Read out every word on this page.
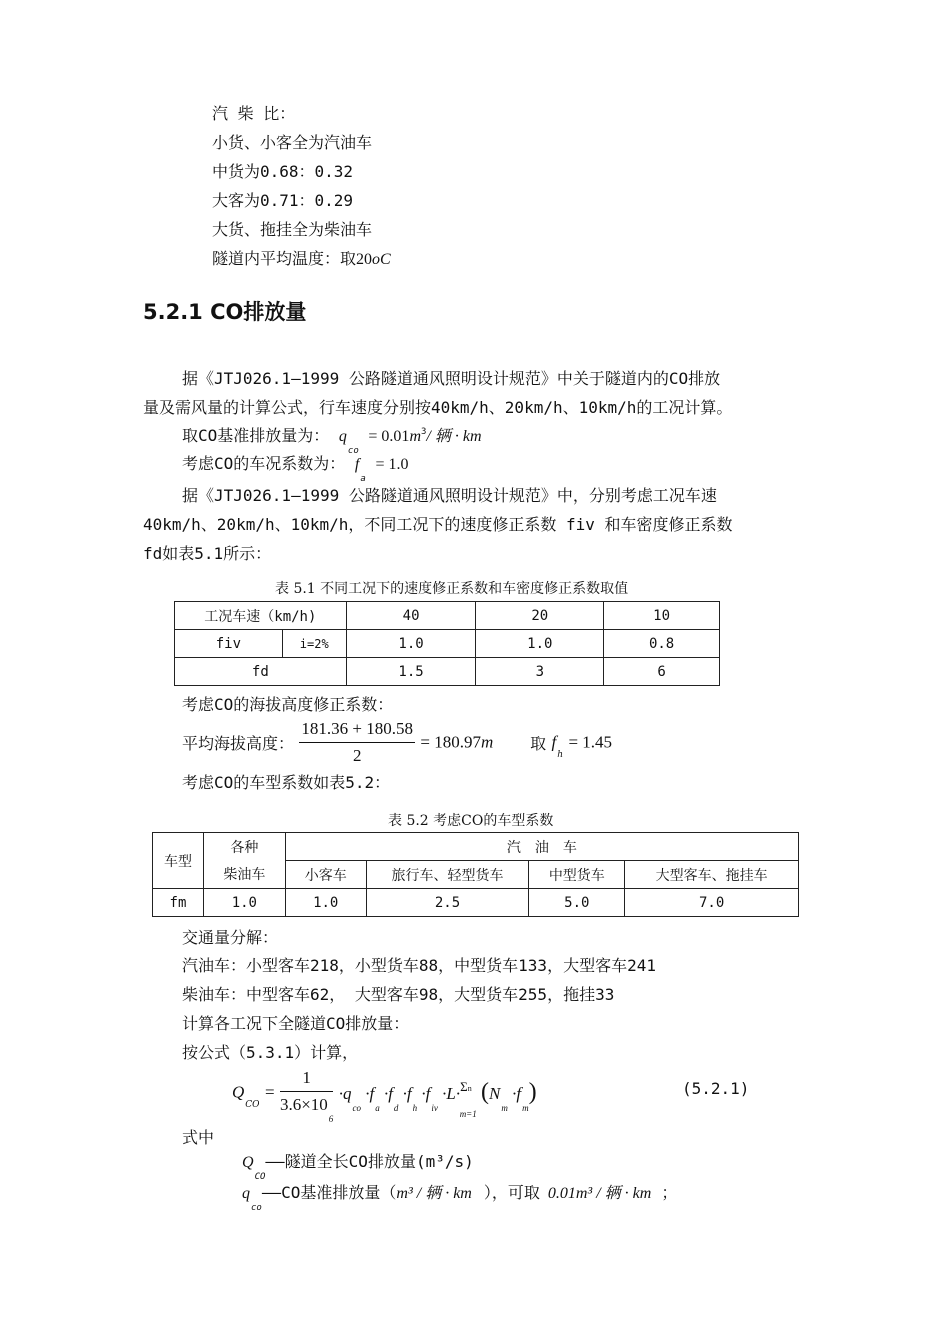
汽 柴 比：
小货、小客全为汽油车
中货为0.68：0.32
大客为0.71：0.29
大货、拖挂全为柴油车
隧道内平均温度：取20oC
5.2.1 CO排放量
据《JTJ026.1—1999 公路隧道通风照明设计规范》中关于隧道内的CO排放
量及需风量的计算公式，行车速度分别按40km/h、20km/h、10km/h的工况计算。
取CO基准排放量为： $q_{co} = 0.01m^3/$ 辆 · km
考虑CO的车况系数为： $f_a = 1.0$
据《JTJ026.1—1999 公路隧道通风照明设计规范》中，分别考虑工况车速
40km/h、20km/h、10km/h，不同工况下的速度修正系数 fiv 和车密度修正系数
fd如表5.1所示：
表 5.1 不同工况下的速度修正系数和车密度修正系数取值
工况车速（km/h)		40	20	10
fiv	i=2%	1.0	1.0	0.8
fd		1.5	3	6
考虑CO的海拔高度修正系数：
平均海拔高度： $\frac{181.36 + 180.58}{2} = 180.97m$ 取 $f_h = 1.45$
考虑CO的车型系数如表5.2：
表 5.2 考虑CO的车型系数
车型	各种	汽　油　车			
	柴油车	小客车	旅行车、轻型货车	中型货车	大型客车、拖挂车
fm	1.0	1.0	2.5	5.0	7.0
交通量分解：
汽油车：小型客车218，小型货车88，中型货车133，大型客车241
柴油车：中型客车62， 大型客车98，大型货车255，拖挂33
计算各工况下全隧道CO排放量：
按公式（5.3.1）计算，
$Q_{CO} = \frac{1}{3.6\times 10_6} \cdot q_{co} \cdot f_a \cdot f_d \cdot f_h \cdot f_{iv} \cdot L\cdot^{\Sigma n}_{m=1}$ $(N_m \cdot f_m)$	(5.2.1)
式中
$Q_{CO}——$隧道全长CO排放量(m³/s)
$q_{co}——CO$基准排放量（m³ / 辆 · km ），可取 0.01m³ / 辆 · km ；
